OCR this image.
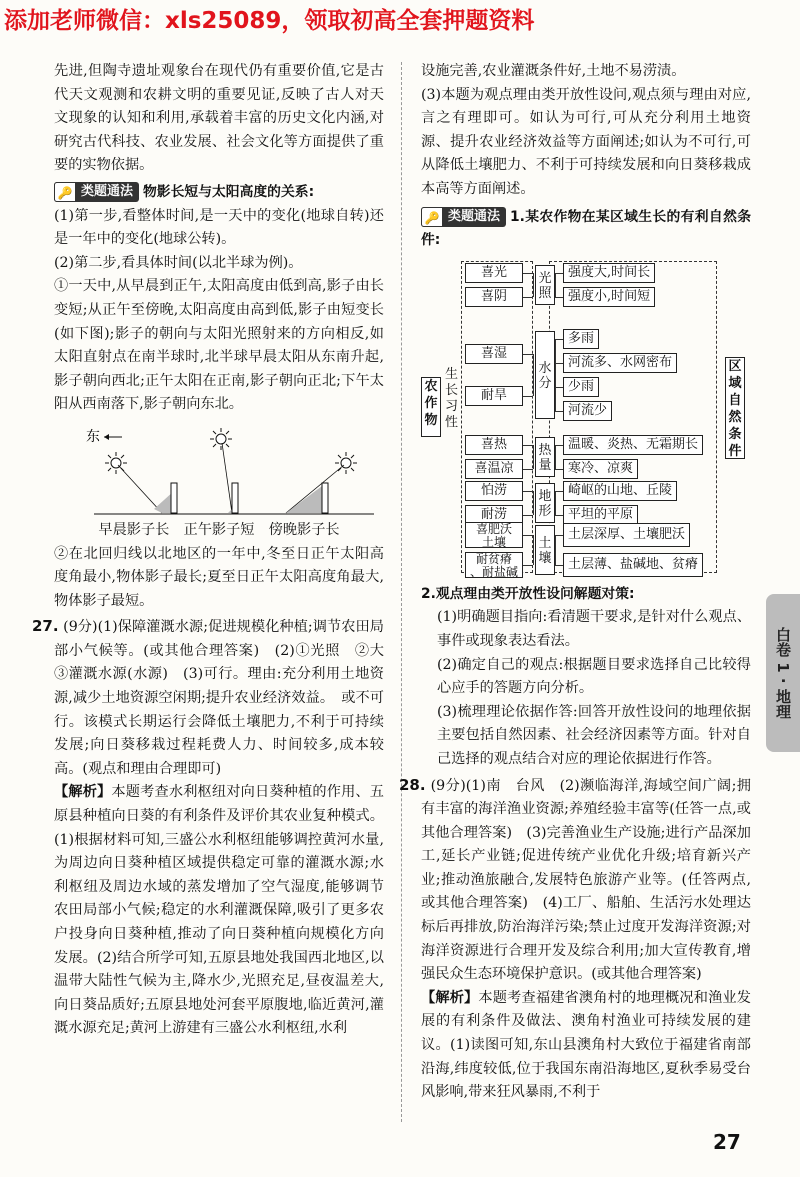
添加老师微信：xls25089，领取初高全套押题资料

先进,但陶寺遗址观象台在现代仍有重要价值,它是古代天文观测和农耕文明的重要见证,反映了古人对天文现象的认知和利用,承载着丰富的历史文化内涵,对研究古代科技、农业发展、社会文化等方面提供了重要的实物依据。

🔑 类题通法 物影长短与太阳高度的关系:

(1)第一步,看整体时间,是一天中的变化(地球自转)还是一年中的变化(地球公转)。

(2)第二步,看具体时间(以北半球为例)。

①一天中,从早晨到正午,太阳高度由低到高,影子由长变短;从正午至傍晚,太阳高度由高到低,影子由短变长(如下图);影子的朝向与太阳光照射来的方向相反,如太阳直射点在南半球时,北半球早晨太阳从东南升起,影子朝向西北;正午太阳在正南,影子朝向正北;下午太阳从西南落下,影子朝向东北。

东

早晨影子长　正午影子短　傍晚影子长

②在北回归线以北地区的一年中,冬至日正午太阳高度角最小,物体影子最长;夏至日正午太阳高度角最大,物体影子最短。

27. (9分)(1)保障灌溉水源;促进规模化种植;调节农田局部小气候等。(或其他合理答案)　(2)①光照　②大　③灌溉水源(水源)　(3)可行。理由:充分利用土地资源,减少土地资源空闲期;提升农业经济效益。　或不可行。该模式长期运行会降低土壤肥力,不利于可持续发展;向日葵移栽过程耗费人力、时间较多,成本较高。(观点和理由合理即可)

【解析】本题考查水利枢纽对向日葵种植的作用、五原县种植向日葵的有利条件及评价其农业复种模式。(1)根据材料可知,三盛公水利枢纽能够调控黄河水量,为周边向日葵种植区域提供稳定可靠的灌溉水源;水利枢纽及周边水域的蒸发增加了空气湿度,能够调节农田局部小气候;稳定的水利灌溉保障,吸引了更多农户投身向日葵种植,推动了向日葵种植向规模化方向发展。(2)结合所学可知,五原县地处我国西北地区,以温带大陆性气候为主,降水少,光照充足,昼夜温差大,向日葵品质好;五原县地处河套平原腹地,临近黄河,灌溉水源充足;黄河上游建有三盛公水利枢纽,水利

设施完善,农业灌溉条件好,土地不易涝渍。

(3)本题为观点理由类开放性设问,观点须与理由对应,言之有理即可。如认为可行,可从充分利用土地资源、提升农业经济效益等方面阐述;如认为不可行,可从降低土壤肥力、不利于可持续发展和向日葵移栽成本高等方面阐述。

🔑 类题通法 1.某农作物在某区域生长的有利自然条件:

农
作
物
生
长
习
性
区
域
自
然
条
件
喜光
喜阴
光
照
强度大,时间长
强度小,时间短
喜湿
耐旱
水
分
多雨
河流多、水网密布
少雨
河流少
喜热
喜温凉
热
量
温暖、炎热、无霜期长
寒冷、凉爽
怕涝
耐涝
地
形
崎岖的山地、丘陵
平坦的平原
喜肥沃
土壤
耐贫瘠
、耐盐碱
土
壤
土层深厚、土壤肥沃
土层薄、盐碱地、贫瘠

2.观点理由类开放性设问解题对策:

(1)明确题目指向:看清题干要求,是针对什么观点、事件或现象表达看法。

(2)确定自己的观点:根据题目要求选择自己比较得心应手的答题方向分析。

(3)梳理理论依据作答:回答开放性设问的地理依据主要包括自然因素、社会经济因素等方面。针对自己选择的观点结合对应的理论依据进行作答。

28. (9分)(1)南　台风　(2)濒临海洋,海域空间广阔;拥有丰富的海洋渔业资源;养殖经验丰富等(任答一点,或其他合理答案)　(3)完善渔业生产设施;进行产品深加工,延长产业链;促进传统产业优化升级;培育新兴产业;推动渔旅融合,发展特色旅游产业等。(任答两点,或其他合理答案)　(4)工厂、船舶、生活污水处理达标后再排放,防治海洋污染;禁止过度开发海洋资源;对海洋资源进行合理开发及综合利用;加大宣传教育,增强民众生态环境保护意识。(或其他合理答案)

【解析】本题考查福建省澳角村的地理概况和渔业发展的有利条件及做法、澳角村渔业可持续发展的建议。(1)读图可知,东山县澳角村大致位于福建省南部沿海,纬度较低,位于我国东南沿海地区,夏秋季易受台风影响,带来狂风暴雨,不利于

白卷 1 · 地理
27
